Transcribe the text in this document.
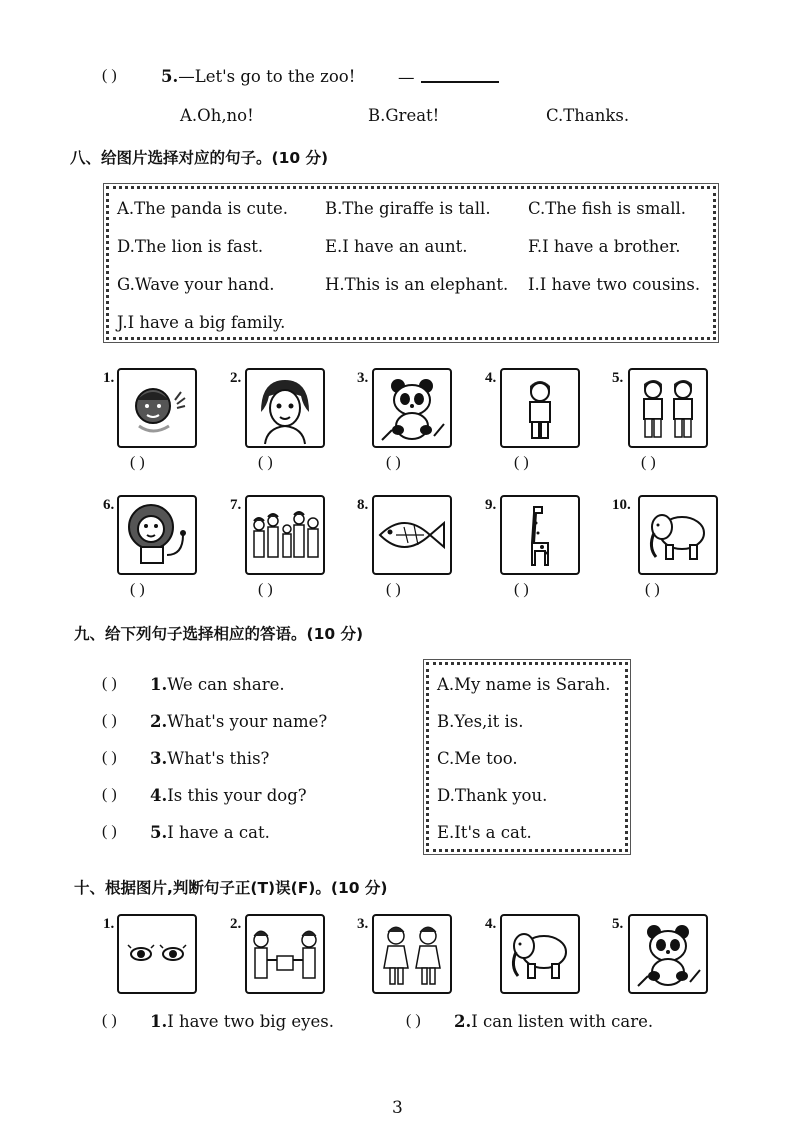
( )	5.—Let's go to the zoo!	—
A.Oh,no!	B.Great!	C.Thanks.
八、给图片选择对应的句子。(10 分)
A.The panda is cute. B.The giraffe is tall. C.The fish is small.
D.The lion is fast.	E.I have an aunt.	F.I have a brother.
G.Wave your hand.	H.This is an elephant. I.I have two cousins.
J.I have a big family.
1.
( )
2.
( )
3.
( )
4.
( )
5.
( )
6.
( )
7.
( )
8.
( )
9.
( )
10.
( )
九、给下列句子选择相应的答语。(10 分)
( ) 1.We can share.
( ) 2.What's your name?
( ) 3.What's this?
( ) 4.Is this your dog?
( ) 5.I have a cat.
A.My name is Sarah.
B.Yes,it is.
C.Me too.
D.Thank you.
E.It's a cat.
十、根据图片,判断句子正(T)误(F)。(10 分)
1.	2.	3.	4.	5.
( ) 1.I have two big eyes.	( ) 2.I can listen with care.
3
